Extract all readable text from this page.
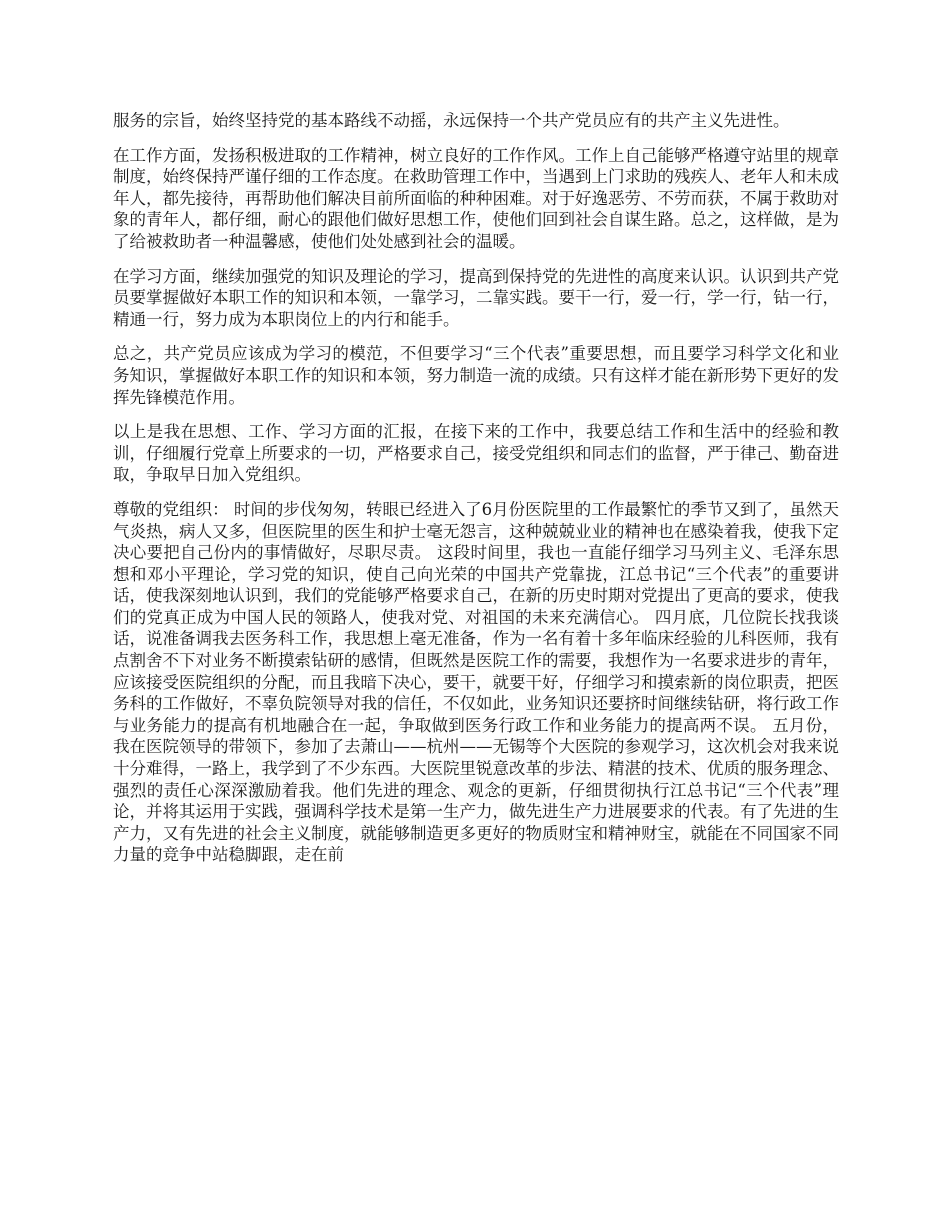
服务的宗旨，始终坚持党的基本路线不动摇，永远保持一个共产党员应有的共产主义先进性。

在工作方面，发扬积极进取的工作精神，树立良好的工作作风。工作上自己能够严格遵守站里的规章制度，始终保持严谨仔细的工作态度。在救助管理工作中，当遇到上门求助的残疾人、老年人和未成年人，都先接待，再帮助他们解决目前所面临的种种困难。对于好逸恶劳、不劳而获，不属于救助对象的青年人，都仔细，耐心的跟他们做好思想工作，使他们回到社会自谋生路。总之，这样做，是为了给被救助者一种温馨感，使他们处处感到社会的温暖。

在学习方面，继续加强党的知识及理论的学习，提高到保持党的先进性的高度来认识。认识到共产党员要掌握做好本职工作的知识和本领，一靠学习，二靠实践。要干一行，爱一行，学一行，钻一行，精通一行，努力成为本职岗位上的内行和能手。

总之，共产党员应该成为学习的模范，不但要学习“三个代表”重要思想，而且要学习科学文化和业务知识，掌握做好本职工作的知识和本领，努力制造一流的成绩。只有这样才能在新形势下更好的发挥先锋模范作用。

以上是我在思想、工作、学习方面的汇报，在接下来的工作中，我要总结工作和生活中的经验和教训，仔细履行党章上所要求的一切，严格要求自己，接受党组织和同志们的监督，严于律己、勤奋进取，争取早日加入党组织。

尊敬的党组织： 时间的步伐匆匆，转眼已经进入了6月份医院里的工作最繁忙的季节又到了，虽然天气炎热，病人又多，但医院里的医生和护士毫无怨言，这种兢兢业业的精神也在感染着我，使我下定决心要把自己份内的事情做好，尽职尽责。 这段时间里，我也一直能仔细学习马列主义、毛泽东思想和邓小平理论，学习党的知识，使自己向光荣的中国共产党靠拢，江总书记“三个代表”的重要讲话，使我深刻地认识到，我们的党能够严格要求自己，在新的历史时期对党提出了更高的要求，使我们的党真正成为中国人民的领路人，使我对党、对祖国的未来充满信心。 四月底，几位院长找我谈话，说准备调我去医务科工作，我思想上毫无准备，作为一名有着十多年临床经验的儿科医师，我有点割舍不下对业务不断摸索钻研的感情，但既然是医院工作的需要，我想作为一名要求进步的青年，应该接受医院组织的分配，而且我暗下决心，要干，就要干好，仔细学习和摸索新的岗位职责，把医务科的工作做好，不辜负院领导对我的信任，不仅如此，业务知识还要挤时间继续钻研，将行政工作与业务能力的提高有机地融合在一起，争取做到医务行政工作和业务能力的提高两不误。 五月份，我在医院领导的带领下，参加了去萧山——杭州——无锡等个大医院的参观学习，这次机会对我来说十分难得，一路上，我学到了不少东西。大医院里锐意改革的步法、精湛的技术、优质的服务理念、强烈的责任心深深激励着我。他们先进的理念、观念的更新，仔细贯彻执行江总书记“三个代表”理论，并将其运用于实践，强调科学技术是第一生产力，做先进生产力进展要求的代表。有了先进的生产力，又有先进的社会主义制度，就能够制造更多更好的物质财宝和精神财宝，就能在不同国家不同力量的竞争中站稳脚跟，走在前
